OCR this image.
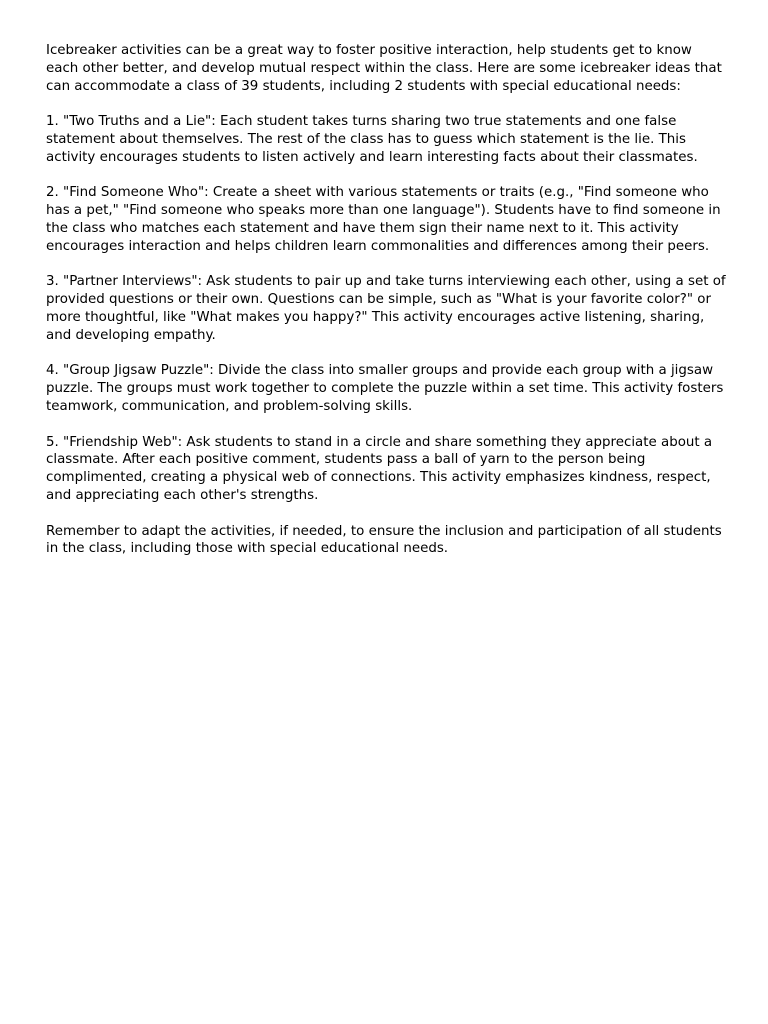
Icebreaker activities can be a great way to foster positive interaction, help students get to know each other better, and develop mutual respect within the class. Here are some icebreaker ideas that can accommodate a class of 39 students, including 2 students with special educational needs:

1. "Two Truths and a Lie": Each student takes turns sharing two true statements and one false statement about themselves. The rest of the class has to guess which statement is the lie. This activity encourages students to listen actively and learn interesting facts about their classmates.

2. "Find Someone Who": Create a sheet with various statements or traits (e.g., "Find someone who has a pet," "Find someone who speaks more than one language"). Students have to find someone in the class who matches each statement and have them sign their name next to it. This activity encourages interaction and helps children learn commonalities and differences among their peers.

3. "Partner Interviews": Ask students to pair up and take turns interviewing each other, using a set of provided questions or their own. Questions can be simple, such as "What is your favorite color?" or more thoughtful, like "What makes you happy?" This activity encourages active listening, sharing, and developing empathy.

4. "Group Jigsaw Puzzle": Divide the class into smaller groups and provide each group with a jigsaw puzzle. The groups must work together to complete the puzzle within a set time. This activity fosters teamwork, communication, and problem-solving skills.

5. "Friendship Web": Ask students to stand in a circle and share something they appreciate about a classmate. After each positive comment, students pass a ball of yarn to the person being complimented, creating a physical web of connections. This activity emphasizes kindness, respect, and appreciating each other's strengths.

Remember to adapt the activities, if needed, to ensure the inclusion and participation of all students in the class, including those with special educational needs.
